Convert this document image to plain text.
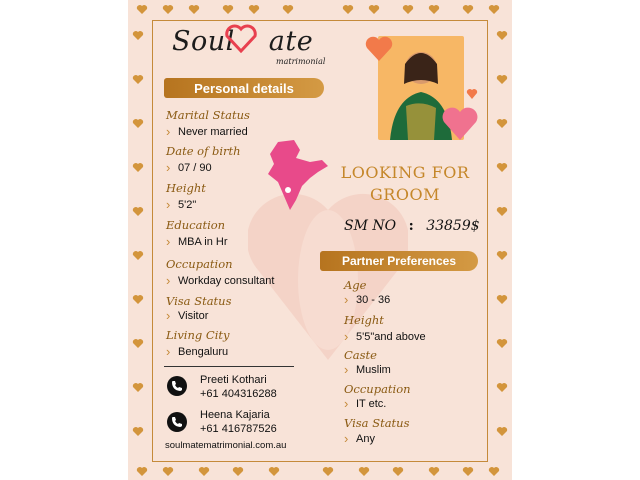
Soul ate
matrimonial
Personal details
Marital Status
› Never married
Date of birth
› 07 / 90
Height
› 5'2"
Education
› MBA in Hr
Occupation
› Workday consultant
Visa Status
› Visitor
Living City
› Bengaluru
LOOKING FOR
GROOM
SM NO : 33859$
Partner Preferences
Age
› 30 - 36
Height
› 5'5"and above
Caste
› Muslim
Occupation
› IT etc.
Visa Status
› Any
Preeti Kothari
+61 404316288
Heena Kajaria
+61 416787526
soulmatematrimonial.com.au
